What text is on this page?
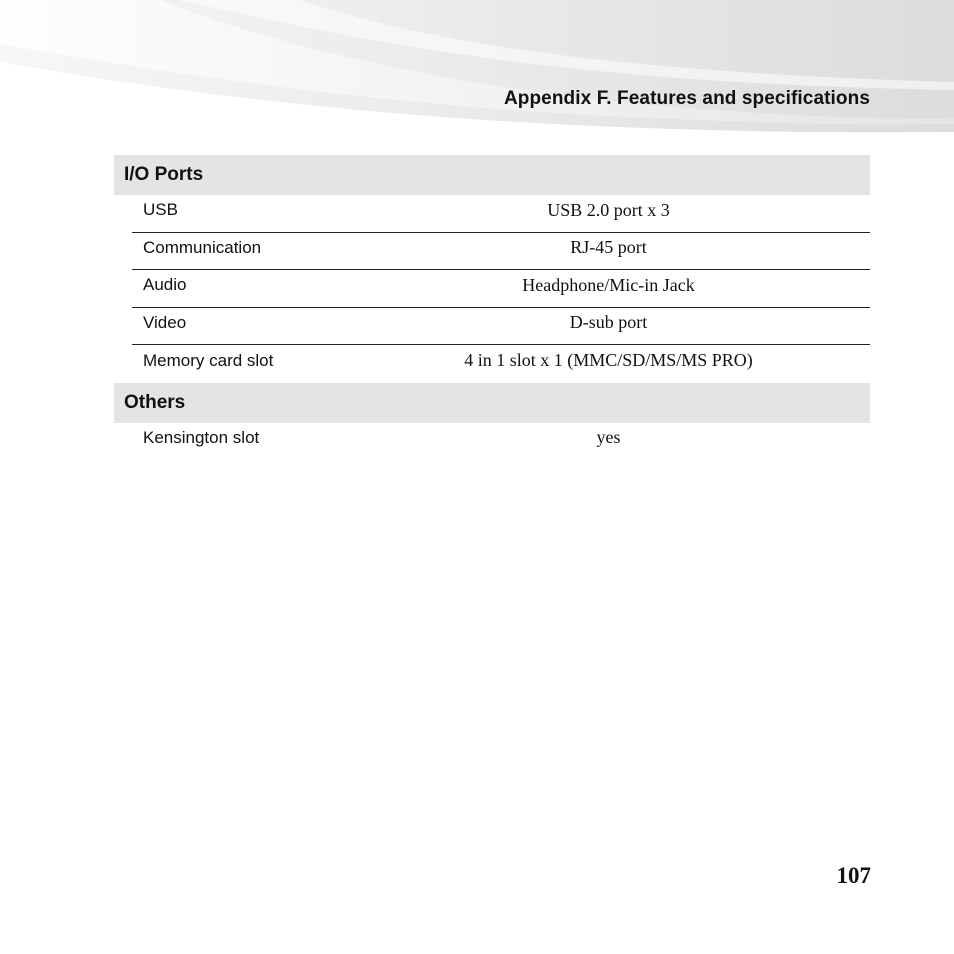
Appendix F. Features and specifications
I/O Ports
USB	USB 2.0 port x 3
Communication	RJ-45 port
Audio	Headphone/Mic-in Jack
Video	D-sub port
Memory card slot	4 in 1 slot x 1 (MMC/SD/MS/MS PRO)
Others
Kensington slot	yes
107
